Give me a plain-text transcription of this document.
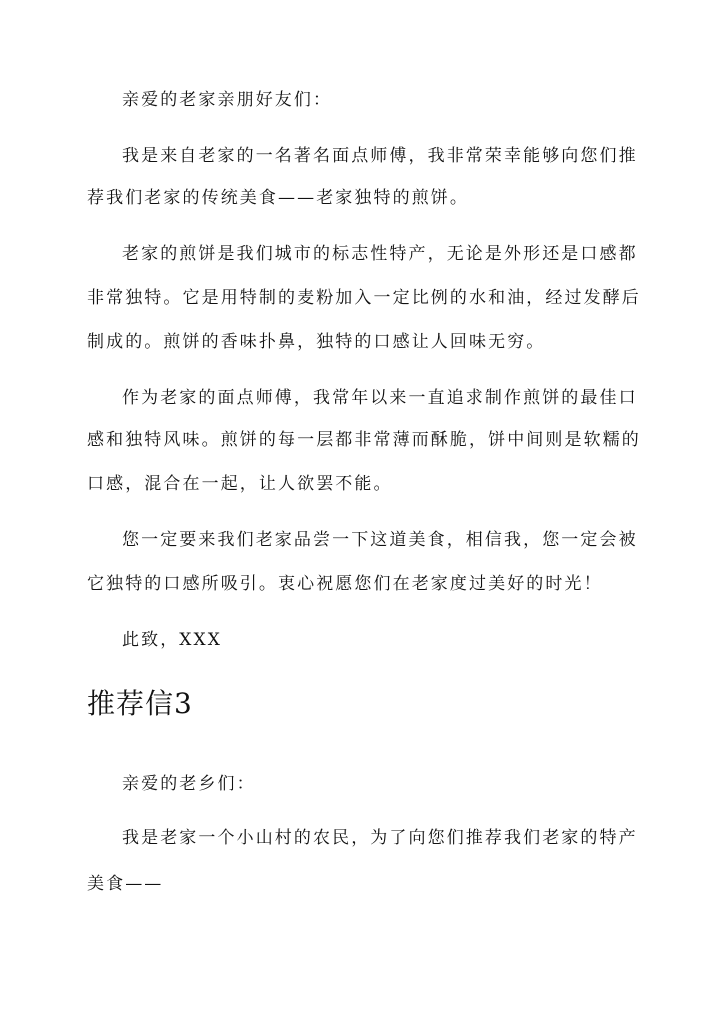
亲爱的老家亲朋好友们：
我是来自老家的一名著名面点师傅，我非常荣幸能够向您们推
荐我们老家的传统美食——老家独特的煎饼。
老家的煎饼是我们城市的标志性特产，无论是外形还是口感都
非常独特。它是用特制的麦粉加入一定比例的水和油，经过发酵后
制成的。煎饼的香味扑鼻，独特的口感让人回味无穷。
作为老家的面点师傅，我常年以来一直追求制作煎饼的最佳口
感和独特风味。煎饼的每一层都非常薄而酥脆，饼中间则是软糯的
口感，混合在一起，让人欲罢不能。
您一定要来我们老家品尝一下这道美食，相信我，您一定会被
它独特的口感所吸引。衷心祝愿您们在老家度过美好的时光！
此致，XXX
推荐信3
亲爱的老乡们：
我是老家一个小山村的农民，为了向您们推荐我们老家的特产
美食——
